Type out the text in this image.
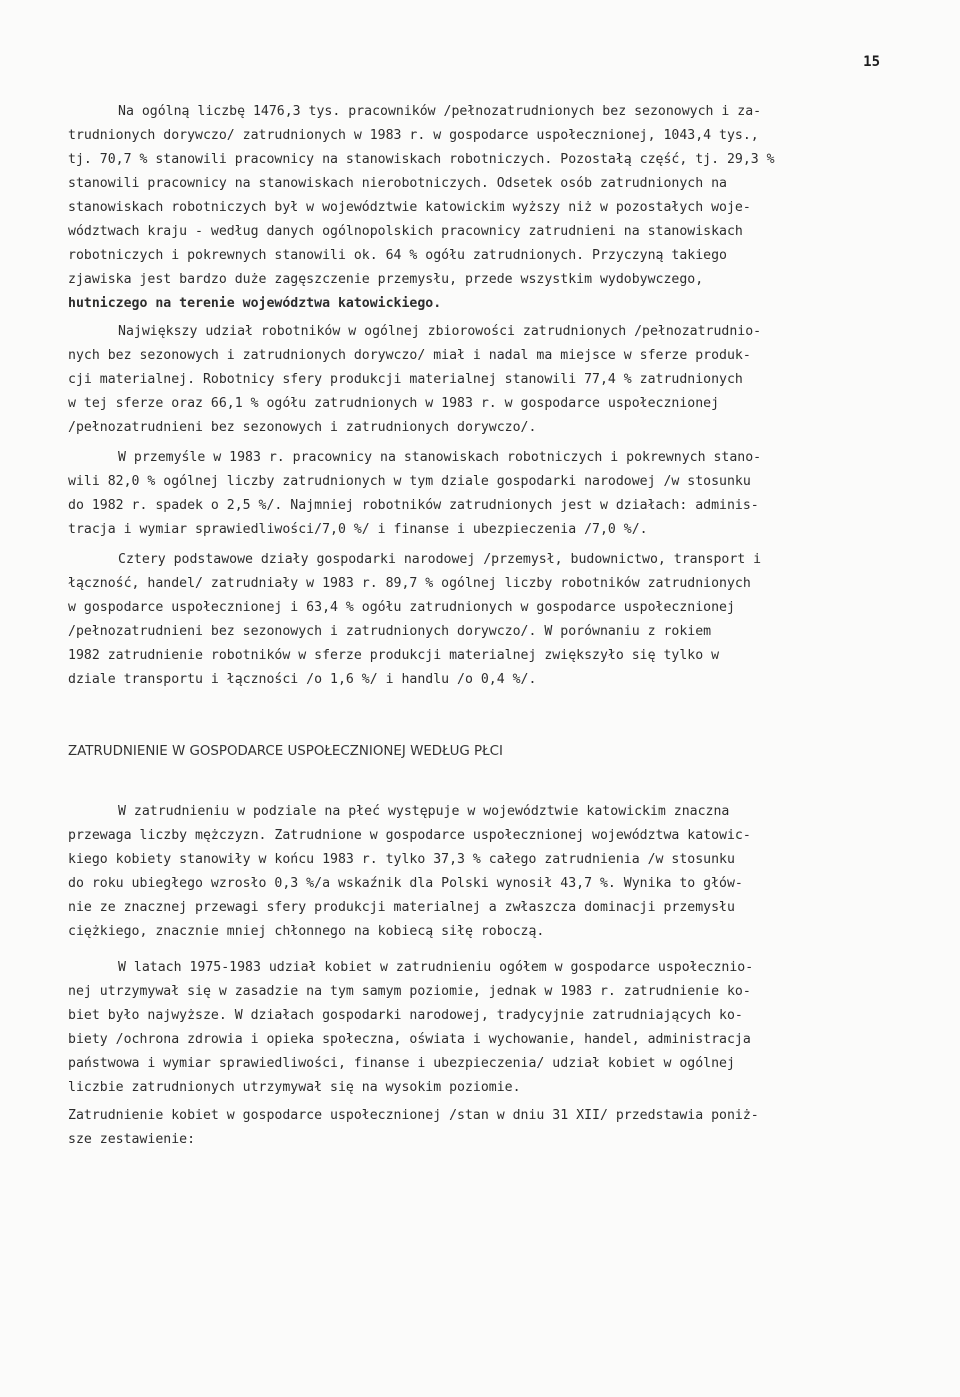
15
Na ogólną liczbę 1476,3 tys. pracowników /pełnozatrudnionych bez sezonowych i za-
trudnionych dorywczo/ zatrudnionych w 1983 r. w gospodarce uspołecznionej, 1043,4 tys.,
tj. 70,7 % stanowili pracownicy na stanowiskach robotniczych. Pozostałą część, tj. 29,3 %
stanowili pracownicy na stanowiskach nierobotniczych. Odsetek osób zatrudnionych na
stanowiskach robotniczych był w województwie katowickim wyższy niż w pozostałych woje-
wództwach kraju - według danych ogólnopolskich pracownicy zatrudnieni na stanowiskach
robotniczych i pokrewnych stanowili ok. 64 % ogółu zatrudnionych. Przyczyną takiego
zjawiska jest bardzo duże zagęszczenie przemysłu, przede wszystkim wydobywczego,
hutniczego na terenie województwa katowickiego.
Największy udział robotników w ogólnej zbiorowości zatrudnionych /pełnozatrudnio-
nych bez sezonowych i zatrudnionych dorywczo/ miał i nadal ma miejsce w sferze produk-
cji materialnej. Robotnicy sfery produkcji materialnej stanowili 77,4 % zatrudnionych
w tej sferze oraz 66,1 % ogółu zatrudnionych w 1983 r. w gospodarce uspołecznionej
/pełnozatrudnieni bez sezonowych i zatrudnionych dorywczo/.
W przemyśle w 1983 r. pracownicy na stanowiskach robotniczych i pokrewnych stano-
wili 82,0 % ogólnej liczby zatrudnionych w tym dziale gospodarki narodowej /w stosunku
do 1982 r. spadek o 2,5 %/. Najmniej robotników zatrudnionych jest w działach: adminis-
tracja i wymiar sprawiedliwości/7,0 %/ i finanse i ubezpieczenia /7,0 %/.
Cztery podstawowe działy gospodarki narodowej /przemysł, budownictwo, transport i
łączność, handel/ zatrudniały w 1983 r. 89,7 % ogólnej liczby robotników zatrudnionych
w gospodarce uspołecznionej i 63,4 % ogółu zatrudnionych w gospodarce uspołecznionej
/pełnozatrudnieni bez sezonowych i zatrudnionych dorywczo/. W porównaniu z rokiem
1982 zatrudnienie robotników w sferze produkcji materialnej zwiększyło się tylko w
dziale transportu i łączności /o 1,6 %/ i handlu /o 0,4 %/.
ZATRUDNIENIE W GOSPODARCE USPOŁECZNIONEJ WEDŁUG PŁCI
W zatrudnieniu w podziale na płeć występuje w województwie katowickim znaczna
przewaga liczby mężczyzn. Zatrudnione w gospodarce uspołecznionej województwa katowic-
kiego kobiety stanowiły w końcu 1983 r. tylko 37,3 % całego zatrudnienia /w stosunku
do roku ubiegłego wzrosło 0,3 %/a wskaźnik dla Polski wynosił 43,7 %. Wynika to głów-
nie ze znacznej przewagi sfery produkcji materialnej a zwłaszcza dominacji przemysłu
ciężkiego, znacznie mniej chłonnego na kobiecą siłę roboczą.
W latach 1975-1983 udział kobiet w zatrudnieniu ogółem w gospodarce uspołeczniо-
nej utrzymywał się w zasadzie na tym samym poziomie, jednak w 1983 r. zatrudnienie ko-
biet było najwyższe. W działach gospodarki narodowej, tradycyjnie zatrudniających ko-
biety /ochrona zdrowia i opieka społeczna, oświata i wychowanie, handel, administracja
państwowa i wymiar sprawiedliwości, finanse i ubezpieczenia/ udział kobiet w ogólnej
liczbie zatrudnionych utrzymywał się na wysokim poziomie.
Zatrudnienie kobiet w gospodarce uspołecznionej /stan w dniu 31 XII/ przedstawia poniż-
sze zestawienie:
